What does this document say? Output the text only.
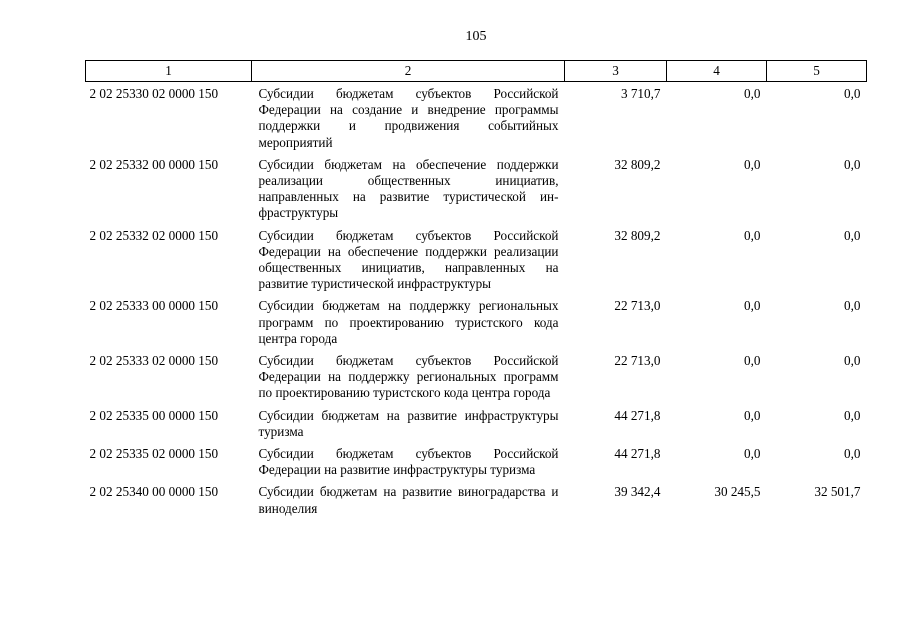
105
1	2	3	4	5
2 02 25330 02 0000 150	Субсидии бюджетам субъектов Российской Федерации на создание и внедрение программы поддержки и продвижения событийных мероприятий	3 710,7	0,0	0,0
2 02 25332 00 0000 150	Субсидии бюджетам на обеспечение поддержки реализации общественных инициатив, направленных на развитие туристической инфраструктуры	32 809,2	0,0	0,0
2 02 25332 02 0000 150	Субсидии бюджетам субъектов Российской Федерации на обеспечение поддержки реализации общественных инициатив, направленных на развитие туристической инфраструктуры	32 809,2	0,0	0,0
2 02 25333 00 0000 150	Субсидии бюджетам на поддержку региональных программ по проектированию туристского кода центра города	22 713,0	0,0	0,0
2 02 25333 02 0000 150	Субсидии бюджетам субъектов Российской Федерации на поддержку региональных программ по проектированию туристского кода центра города	22 713,0	0,0	0,0
2 02 25335 00 0000 150	Субсидии бюджетам на развитие инфраструктуры туризма	44 271,8	0,0	0,0
2 02 25335 02 0000 150	Субсидии бюджетам субъектов Российской Федерации на развитие инфраструктуры туризма	44 271,8	0,0	0,0
2 02 25340 00 0000 150	Субсидии бюджетам на развитие виноградарства и виноделия	39 342,4	30 245,5	32 501,7
